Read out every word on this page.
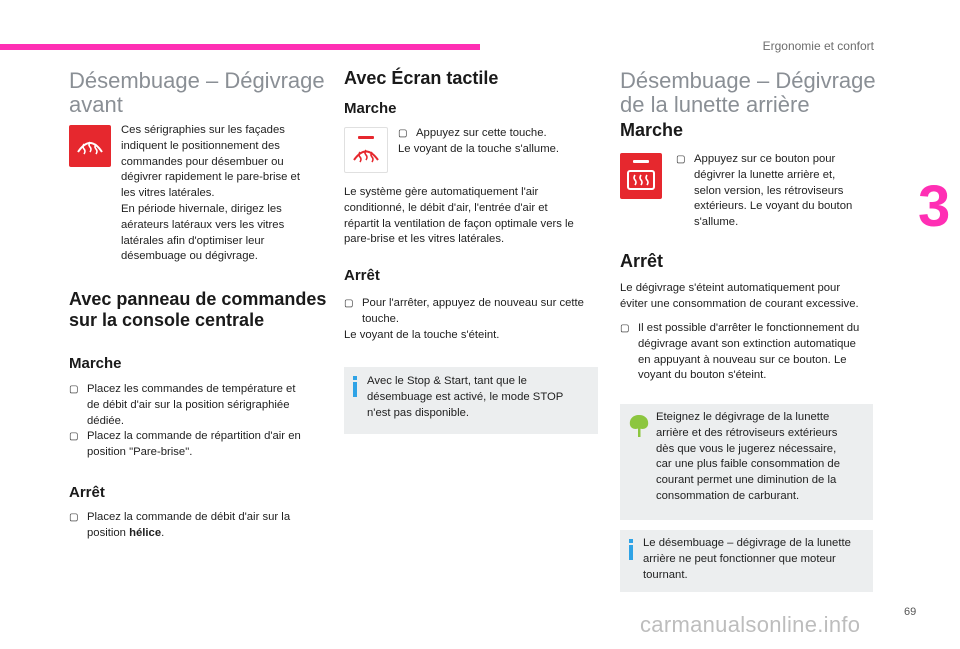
Ergonomie et confort
3
Désembuage – Dégivrage avant
Ces sérigraphies sur les façades
indiquent le positionnement des
commandes pour désembuer ou
dégivrer rapidement le pare-brise et
les vitres latérales.
En période hivernale, dirigez les
aérateurs latéraux vers les vitres
latérales afin d'optimiser leur
désembuage ou dégivrage.
Avec panneau de commandes sur la console centrale
Marche
▢ Placez les commandes de température et
de débit d'air sur la position sérigraphiée
dédiée.
▢ Placez la commande de répartition d'air en
position "Pare-brise".
Arrêt
▢ Placez la commande de débit d'air sur la
position hélice.
Avec Écran tactile
Marche
▢ Appuyez sur cette touche.
Le voyant de la touche s'allume.
Le système gère automatiquement l'air
conditionné, le débit d'air, l'entrée d'air et
répartit la ventilation de façon optimale vers le
pare-brise et les vitres latérales.
Arrêt
▢ Pour l'arrêter, appuyez de nouveau sur cette
touche.
Le voyant de la touche s'éteint.
Avec le Stop & Start, tant que le
désembuage est activé, le mode STOP
n'est pas disponible.
Désembuage – Dégivrage de la lunette arrière
Marche
▢ Appuyez sur ce bouton pour
dégivrer la lunette arrière et,
selon version, les rétroviseurs
extérieurs. Le voyant du bouton
s'allume.
Arrêt
Le dégivrage s'éteint automatiquement pour
éviter une consommation de courant excessive.
▢ Il est possible d'arrêter le fonctionnement du
dégivrage avant son extinction automatique
en appuyant à nouveau sur ce bouton. Le
voyant du bouton s'éteint.
Eteignez le dégivrage de la lunette
arrière et des rétroviseurs extérieurs
dès que vous le jugerez nécessaire,
car une plus faible consommation de
courant permet une diminution de la
consommation de carburant.
Le désembuage – dégivrage de la lunette
arrière ne peut fonctionner que moteur
tournant.
69
carmanualsonline.info
